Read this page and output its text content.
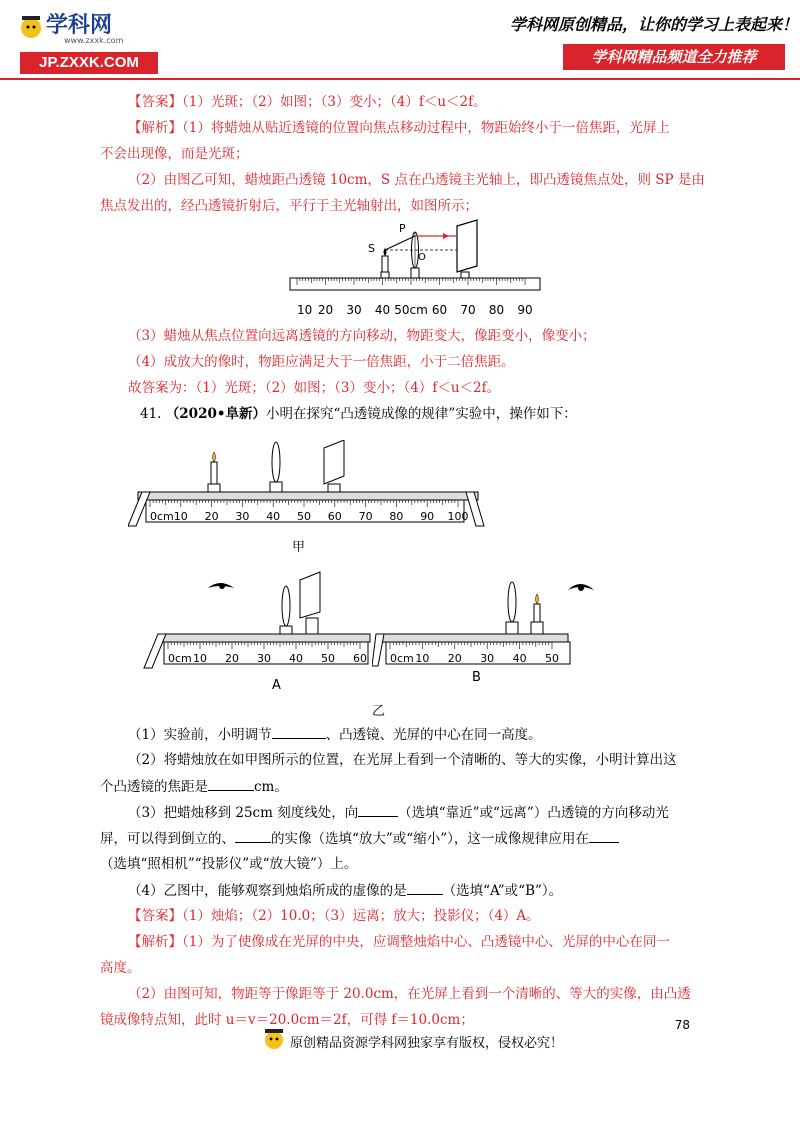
学科网
www.zxxk.com
JP.ZXXK.COM
学科网原创精品，让你的学习上表起来！
学科网精品频道全力推荐
【答案】（1）光斑；（2）如图；（3）变小；（4）f＜u＜2f。
【解析】（1）将蜡烛从贴近透镜的位置向焦点移动过程中，物距始终小于一倍焦距，光屏上
不会出现像，而是光斑；
（2）由图乙可知，蜡烛距凸透镜 10cm，S 点在凸透镜主光轴上，即凸透镜焦点处，则 SP 是由
焦点发出的，经凸透镜折射后，平行于主光轴射出，如图所示；
S
P
O
10 20 30 40 50cm 60 70 80 90
（3）蜡烛从焦点位置向远离透镜的方向移动，物距变大，像距变小，像变小；
（4）成放大的像时，物距应满足大于一倍焦距，小于二倍焦距。
故答案为：（1）光斑；（2）如图；（3）变小；（4）f＜u＜2f。
41. （2020•阜新）小明在探究“凸透镜成像的规律”实验中，操作如下：
0cm 10 20 30 40 50 60 70 80 90 100
甲
0cm 10 20 30 40 50 60
A
0cm 10 20 30 40 50
B
乙
（1）实验前，小明调节	、凸透镜、光屏的中心在同一高度。
（2）将蜡烛放在如甲图所示的位置，在光屏上看到一个清晰的、等大的实像，小明计算出这
个凸透镜的焦距是	cm。
（3）把蜡烛移到 25cm 刻度线处，向	（选填“靠近”或“远离”）凸透镜的方向移动光
屏，可以得到倒立的、	的实像（选填“放大”或“缩小”），这一成像规律应用在
（选填“照相机”“投影仪”或“放大镜”）上。
（4）乙图中，能够观察到烛焰所成的虚像的是	（选填“A”或“B”）。
【答案】（1）烛焰；（2）10.0；（3）远离；放大；投影仪；（4）A。
【解析】（1）为了使像成在光屏的中央，应调整烛焰中心、凸透镜中心、光屏的中心在同一
高度。
（2）由图可知，物距等于像距等于 20.0cm，在光屏上看到一个清晰的、等大的实像，由凸透
镜成像特点知，此时 u＝v＝20.0cm＝2f，可得 f＝10.0cm；	78
原创精品资源学科网独家享有版权，侵权必究！
